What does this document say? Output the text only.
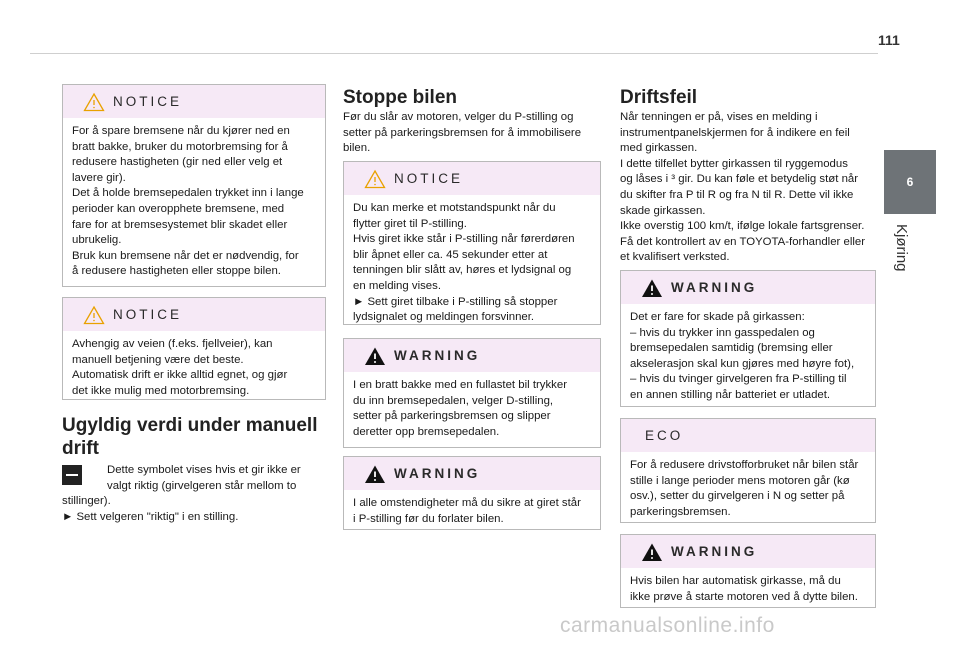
111
6
Kjøring
NOTICE

For å spare bremsene når du kjører ned en

bratt bakke, bruker du motorbremsing for å

redusere hastigheten (gir ned eller velg et

lavere gir).

Det å holde bremsepedalen trykket inn i lange

perioder kan overopphete bremsene, med

fare for at bremsesystemet blir skadet eller

ubrukelig.

Bruk kun bremsene når det er nødvendig, for

å redusere hastigheten eller stoppe bilen.

NOTICE

Avhengig av veien (f.eks. fjellveier), kan

manuell betjening være det beste.

Automatisk drift er ikke alltid egnet, og gjør

det ikke mulig med motorbremsing.

Ugyldig verdi under manuell
drift

Dette symbolet vises hvis et gir ikke er

valgt riktig (girvelgeren står mellom to

stillinger).

► Sett velgeren "riktig" i en stilling.

Stoppe bilen

Før du slår av motoren, velger du P-stilling og

setter på parkeringsbremsen for å immobilisere

bilen.

NOTICE

Du kan merke et motstandspunkt når du

flytter giret til P-stilling.

Hvis giret ikke står i P-stilling når førerdøren

blir åpnet eller ca. 45 sekunder etter at

tenningen blir slått av, høres et lydsignal og

en melding vises.

► Sett giret tilbake i P-stilling så stopper

lydsignalet og meldingen forsvinner.

WARNING

I en bratt bakke med en fullastet bil trykker

du inn bremsepedalen, velger D-stilling,

setter på parkeringsbremsen og slipper

deretter opp bremsepedalen.

WARNING

I alle omstendigheter må du sikre at giret står

i P-stilling før du forlater bilen.

Driftsfeil

Når tenningen er på, vises en melding i

instrumentpanelskjermen for å indikere en feil

med girkassen.

I dette tilfellet bytter girkassen til ryggemodus

og låses i ³ gir. Du kan føle et betydelig støt når

du skifter fra P til R og fra N til R. Dette vil ikke

skade girkassen.

Ikke overstig 100 km/t, ifølge lokale fartsgrenser.

Få det kontrollert av en TOYOTA-forhandler eller

et kvalifisert verksted.

WARNING

Det er fare for skade på girkassen:

– hvis du trykker inn gasspedalen og

bremsepedalen samtidig (bremsing eller

akselerasjon skal kun gjøres med høyre fot),

– hvis du tvinger girvelgeren fra P-stilling til

en annen stilling når batteriet er utladet.

ECO

For å redusere drivstofforbruket når bilen står

stille i lange perioder mens motoren går (kø

osv.), setter du girvelgeren i N og setter på

parkeringsbremsen.

WARNING

Hvis bilen har automatisk girkasse, må du

ikke prøve å starte motoren ved å dytte bilen.

carmanualsonline.info
